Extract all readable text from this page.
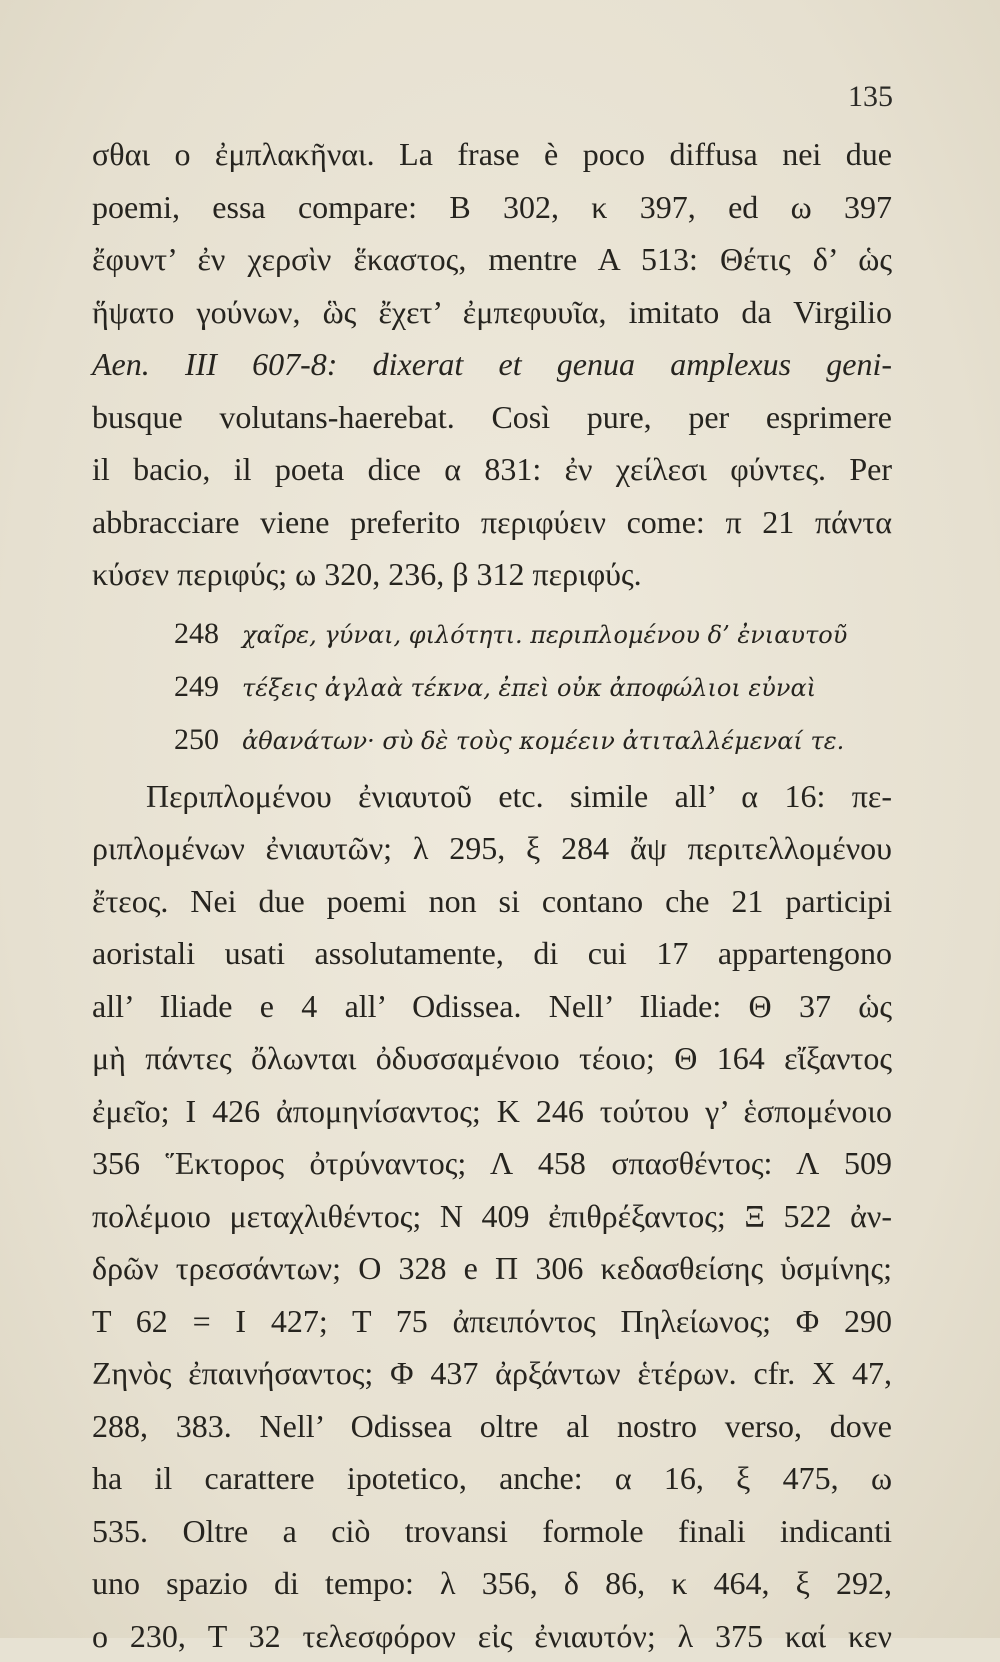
135
σθαι ο ἐμπλακῆναι. La frase è poco diffusa nei due
poemi, essa compare: B 302, κ 397, ed ω 397
ἔφυντ’ ἐν χερσὶν ἕκαστος, mentre A 513: Θέτις δ’ ὡς
ἥψατο γούνων, ὣς ἔχετ’ ἐμπεφυυῖα, imitato da Virgilio
Aen. III 607-8: dixerat et genua amplexus geni-
busque volutans-haerebat. Così pure, per esprimere
il bacio, il poeta dice α 831: ἐν χείλεσι φύντες. Per
abbracciare viene preferito περιφύειν come: π 21 πάντα
κύσεν περιφύς; ω 320, 236, β 312 περιφύς.
248 χαῖρε, γύναι, φιλότητι. περιπλομένου δ’ ἐνιαυτοῦ
249 τέξεις ἀγλαὰ τέκνα, ἐπεὶ οὐκ ἀποφώλιοι εὐναὶ
250 ἀθανάτων· σὺ δὲ τοὺς κομέειν ἀτιταλλέμεναί τε.
Περιπλομένου ἐνιαυτοῦ etc. simile all’ α 16: πε-
ριπλομένων ἐνιαυτῶν; λ 295, ξ 284 ἄψ περιτελλομένου
ἔτεος. Nei due poemi non si contano che 21 participi
aoristali usati assolutamente, di cui 17 appartengono
all’ Iliade e 4 all’ Odissea. Nell’ Iliade: Θ 37 ὡς
μὴ πάντες ὄλωνται ὀδυσσαμένοιο τέοιο; Θ 164 εἴξαντος
ἐμεῖο; I 426 ἀπομηνίσαντος; K 246 τούτου γ’ ἑσπομένοιο
356 Ἕκτορος ὀτρύναντος; Λ 458 σπασθέντος: Λ 509
πολέμοιο μεταχλιθέντος; N 409 ἐπιθρέξαντος; Ξ 522 ἀν-
δρῶν τρεσσάντων; O 328 e Π 306 κεδασθείσης ὑσμίνης;
T 62 = I 427; T 75 ἀπειπόντος Πηλείωνος; Φ 290
Ζηνὸς ἐπαινήσαντος; Φ 437 ἀρξάντων ἑτέρων. cfr. X 47,
288, 383. Nell’ Odissea oltre al nostro verso, dove
ha il carattere ipotetico, anche: α 16, ξ 475, ω
535. Oltre a ciò trovansi formole finali indicanti
uno spazio di tempo: λ 356, δ 86, κ 464, ξ 292,
ο 230, T 32 τελεσφόρον εἰς ἐνιαυτόν; λ 375 καί κεν
